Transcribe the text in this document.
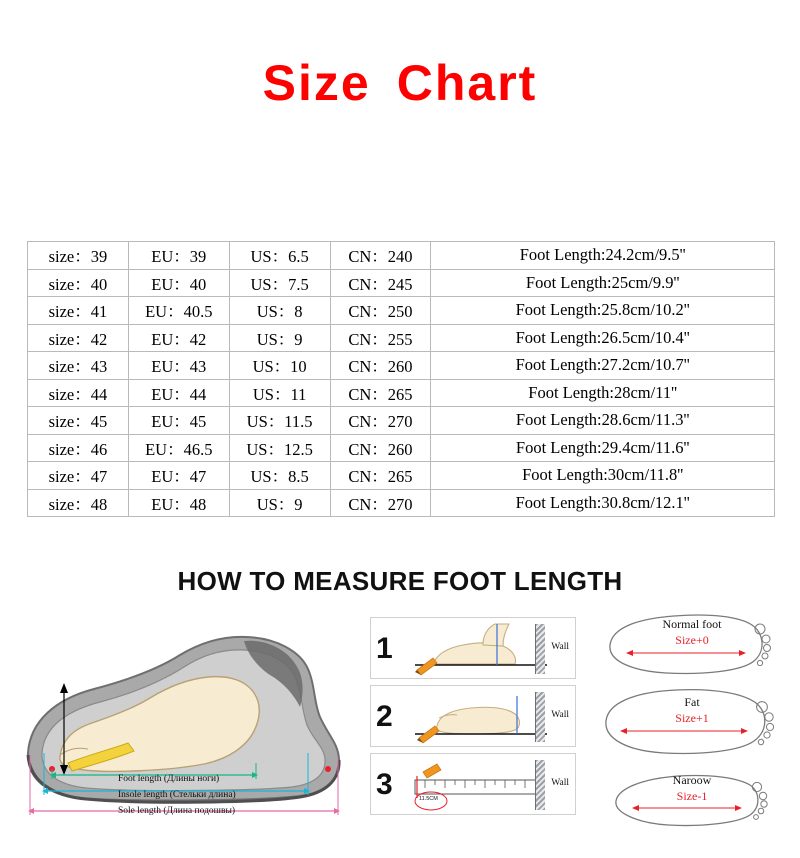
Size Chart
size：39	EU：39	US：6.5	CN：240	Foot Length:24.2cm/9.5''
size：40	EU：40	US：7.5	CN：245	Foot Length:25cm/9.9''
size：41	EU：40.5	US：8	CN：250	Foot Length:25.8cm/10.2''
size：42	EU：42	US：9	CN：255	Foot Length:26.5cm/10.4''
size：43	EU：43	US：10	CN：260	Foot Length:27.2cm/10.7''
size：44	EU：44	US：11	CN：265	Foot Length:28cm/11''
size：45	EU：45	US：11.5	CN：270	Foot Length:28.6cm/11.3''
size：46	EU：46.5	US：12.5	CN：260	Foot Length:29.4cm/11.6''
size：47	EU：47	US：8.5	CN：265	Foot Length:30cm/11.8''
size：48	EU：48	US：9	CN：270	Foot Length:30.8cm/12.1''
HOW TO MEASURE FOOT LENGTH
Foot length (Длины ноги)
Insole length (Стельки длина)
Sole length (Длина подошвы)
1	Wall
2	Wall
3	11.5CM
Wall
Normal foot
Size+0
Fat
Size+1
Naroow
Size-1
